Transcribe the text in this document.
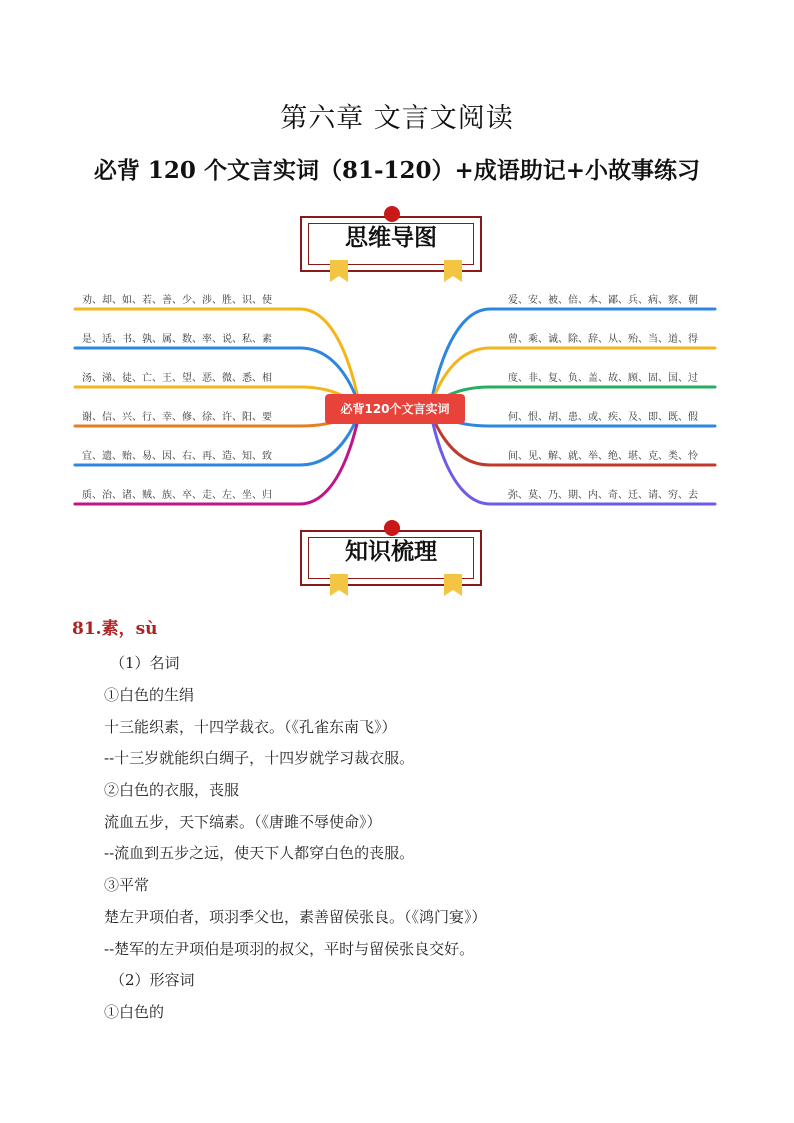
第六章 文言文阅读
必背 120 个文言实词（81-120）+成语助记+小故事练习
思维导图
劝、却、如、若、善、少、涉、胜、识、使
是、适、书、孰、属、数、率、说、私、素
汤、涕、徒、亡、王、望、恶、微、悉、相
谢、信、兴、行、幸、修、徐、许、阳、要
宜、遗、贻、易、因、右、再、造、知、致
质、治、诸、贼、族、卒、走、左、坐、归
爱、安、被、倍、本、鄙、兵、病、察、朝
曾、乘、诚、除、辞、从、殆、当、道、得
度、非、复、负、盖、故、顾、固、国、过
何、恨、胡、患、或、疾、及、即、既、假
间、见、解、就、举、绝、堪、克、类、怜
弥、莫、乃、期、内、奇、迁、请、穷、去
必背120个文言实词
知识梳理
81.素，sù
（1）名词
①白色的生绢
十三能织素，十四学裁衣。（《孔雀东南飞》）
--十三岁就能织白绸子，十四岁就学习裁衣服。
②白色的衣服，丧服
流血五步，天下缟素。（《唐雎不辱使命》）
--流血到五步之远，使天下人都穿白色的丧服。
③平常
楚左尹项伯者，项羽季父也，素善留侯张良。（《鸿门宴》）
--楚军的左尹项伯是项羽的叔父，平时与留侯张良交好。
（2）形容词
①白色的
